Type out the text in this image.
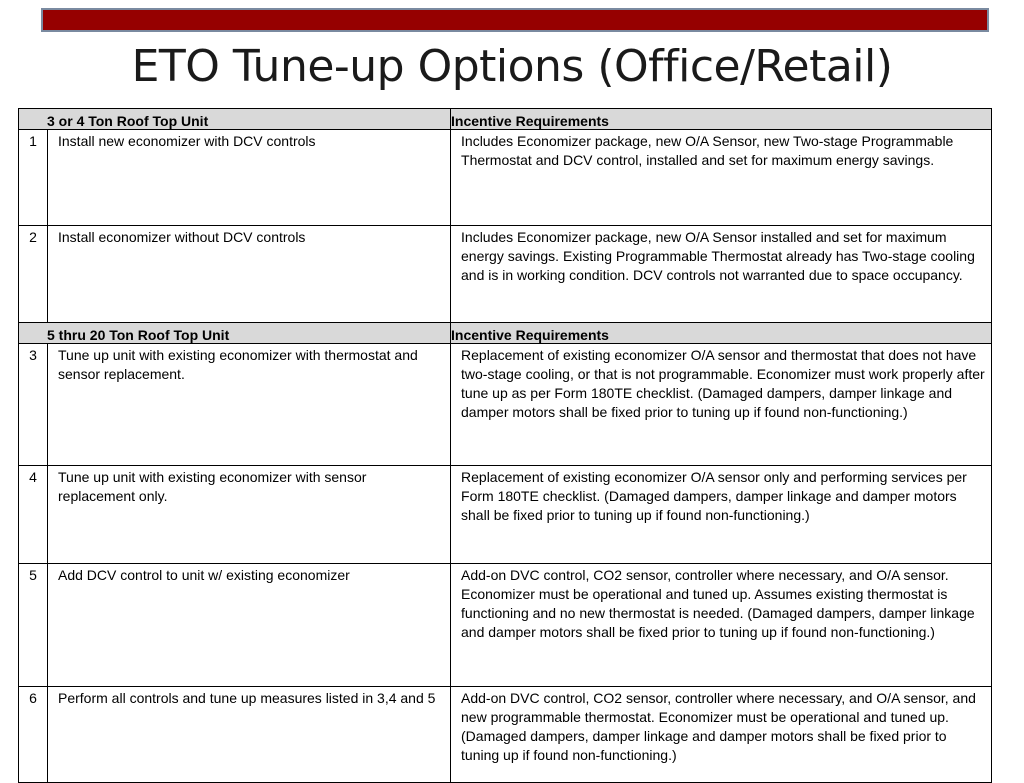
ETO Tune-up Options (Office/Retail)
3 or 4 Ton Roof Top Unit		Incentive Requirements
1	Install new economizer with DCV controls	Includes Economizer package, new O/A Sensor, new Two-stage Programmable Thermostat and DCV control, installed and set for maximum energy savings.
2	Install economizer without DCV controls	Includes Economizer package, new O/A Sensor installed and set for maximum energy savings. Existing Programmable Thermostat already has Two-stage cooling and is in working condition. DCV controls not warranted due to space occupancy.
5 thru 20 Ton Roof Top Unit		Incentive Requirements
3	Tune up unit with existing economizer with thermostat and sensor replacement.	Replacement of existing economizer O/A sensor and thermostat that does not have two-stage cooling, or that is not programmable. Economizer must work properly after tune up as per Form 180TE checklist. (Damaged dampers, damper linkage and damper motors shall be fixed prior to tuning up if found non-functioning.)
4	Tune up unit with existing economizer with sensor replacement only.	Replacement of existing economizer O/A sensor only and performing services per Form 180TE checklist. (Damaged dampers, damper linkage and damper motors shall be fixed prior to tuning up if found non-functioning.)
5	Add DCV control to unit w/ existing economizer	Add-on DVC control, CO2 sensor, controller where necessary, and O/A sensor. Economizer must be operational and tuned up. Assumes existing thermostat is functioning and no new thermostat is needed. (Damaged dampers, damper linkage and damper motors shall be fixed prior to tuning up if found non-functioning.)
6	Perform all controls and tune up measures listed in 3,4 and 5	Add-on DVC control, CO2 sensor, controller where necessary, and O/A sensor, and new programmable thermostat. Economizer must be operational and tuned up. (Damaged dampers, damper linkage and damper motors shall be fixed prior to tuning up if found non-functioning.)
